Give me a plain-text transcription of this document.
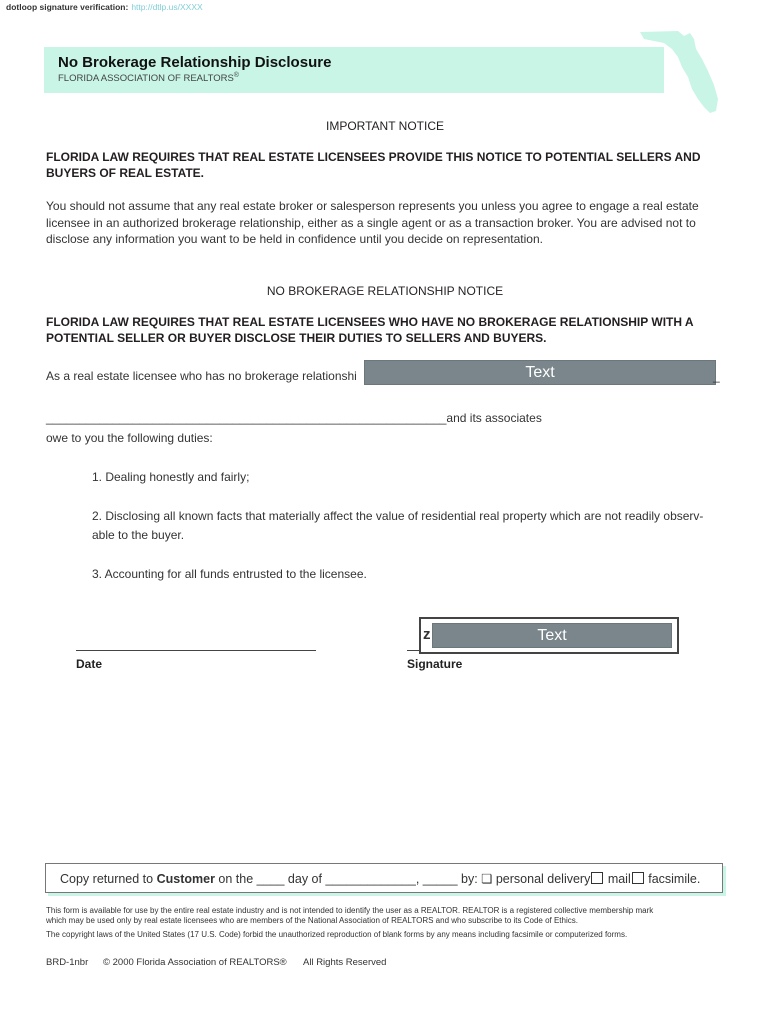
dotloop signature verification: http://dtlp.us/XXXX
No Brokerage Relationship Disclosure
FLORIDA ASSOCIATION OF REALTORS®
IMPORTANT NOTICE
FLORIDA LAW REQUIRES THAT REAL ESTATE LICENSEES PROVIDE THIS NOTICE TO POTENTIAL SELLERS AND BUYERS OF REAL ESTATE.
You should not assume that any real estate broker or salesperson represents you unless you agree to engage a real estate licensee in an authorized brokerage relationship, either as a single agent or as a transaction broker. You are advised not to disclose any information you want to be held in confidence until you decide on representation.
NO BROKERAGE RELATIONSHIP NOTICE
FLORIDA LAW REQUIRES THAT REAL ESTATE LICENSEES WHO HAVE NO BROKERAGE RELATIONSHIP WITH A POTENTIAL SELLER OR BUYER DISCLOSE THEIR DUTIES TO SELLERS AND BUYERS.
As a real estate licensee who has no brokerage relationshi	Text	_
____________________________________________________________and its associates
owe to you the following duties:
1. Dealing honestly and fairly;
2. Disclosing all known facts that materially affect the value of residential real property which are not readily observ-
able to the buyer.
3. Accounting for all funds entrusted to the licensee.
Date
z	Text
Signature
Copy returned to Customer on the ____ day of _____________, _____ by: ❏ personal delivery mail facsimile.
This form is available for use by the entire real estate industry and is not intended to identify the user as a REALTOR. REALTOR is a registered collective membership mark
which may be used only by real estate licensees who are members of the National Association of REALTORS and who subscribe to its Code of Ethics.
The copyright laws of the United States (17 U.S. Code) forbid the unauthorized reproduction of blank forms by any means including facsimile or computerized forms.
BRD-1nbr © 2000 Florida Association of REALTORS® All Rights Reserved
